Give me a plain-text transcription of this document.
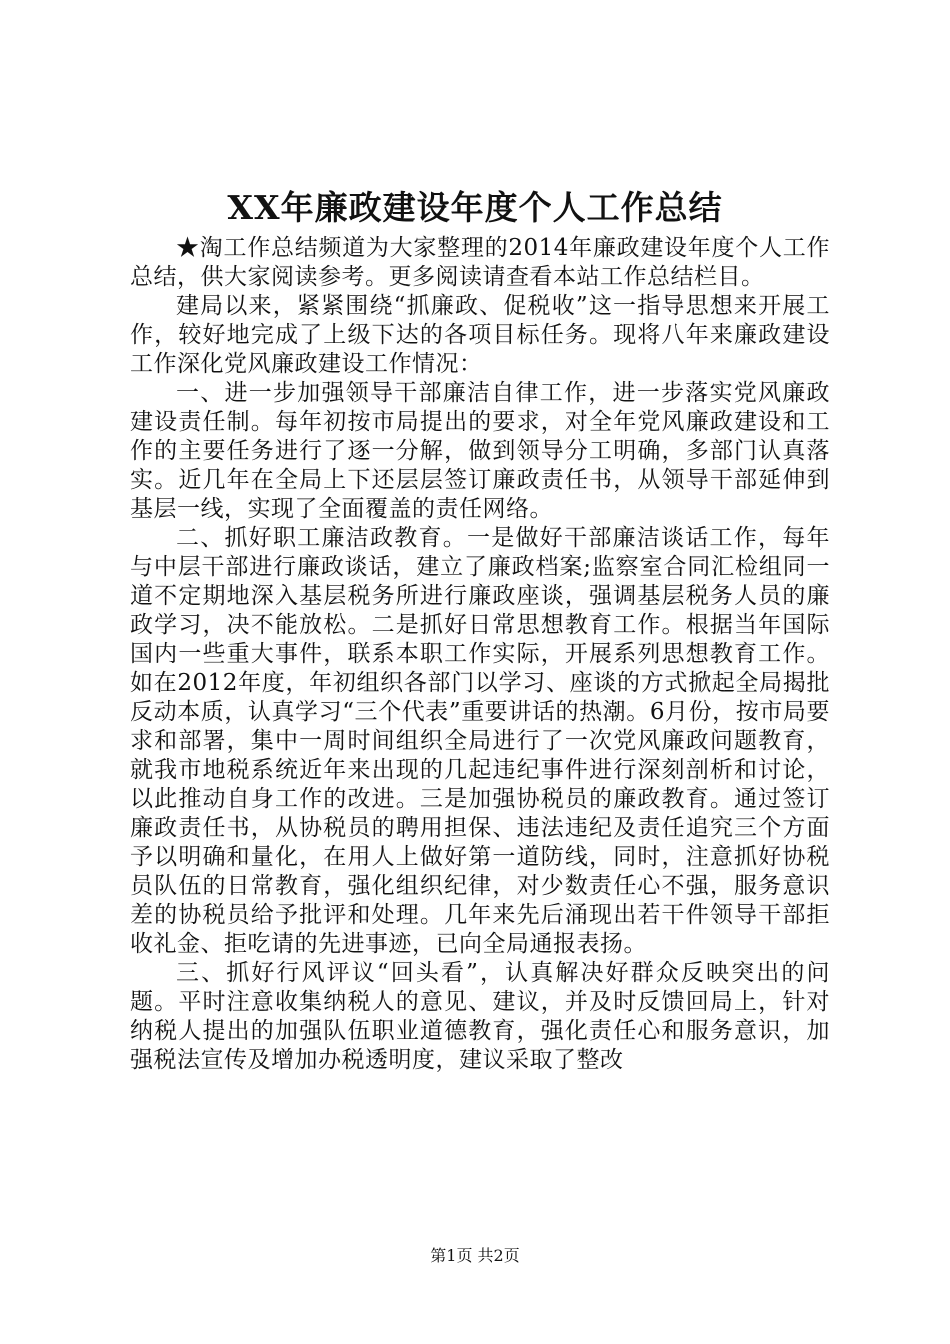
XX年廉政建设年度个人工作总结

★淘工作总结频道为大家整理的2014年廉政建设年度个人工作总结，供大家阅读参考。更多阅读请查看本站工作总结栏目。

建局以来，紧紧围绕“抓廉政、促税收”这一指导思想来开展工作，较好地完成了上级下达的各项目标任务。现将八年来廉政建设工作深化党风廉政建设工作情况：

一、进一步加强领导干部廉洁自律工作，进一步落实党风廉政建设责任制。每年初按市局提出的要求，对全年党风廉政建设和工作的主要任务进行了逐一分解，做到领导分工明确，多部门认真落实。近几年在全局上下还层层签订廉政责任书，从领导干部延伸到基层一线，实现了全面覆盖的责任网络。

二、抓好职工廉洁政教育。一是做好干部廉洁谈话工作，每年与中层干部进行廉政谈话，建立了廉政档案;监察室合同汇检组同一道不定期地深入基层税务所进行廉政座谈，强调基层税务人员的廉政学习，决不能放松。二是抓好日常思想教育工作。根据当年国际国内一些重大事件，联系本职工作实际，开展系列思想教育工作。如在2012年度，年初组织各部门以学习、座谈的方式掀起全局揭批反动本质，认真学习“三个代表”重要讲话的热潮。6月份，按市局要求和部署，集中一周时间组织全局进行了一次党风廉政问题教育，就我市地税系统近年来出现的几起违纪事件进行深刻剖析和讨论，以此推动自身工作的改进。三是加强协税员的廉政教育。通过签订廉政责任书，从协税员的聘用担保、违法违纪及责任追究三个方面予以明确和量化，在用人上做好第一道防线，同时，注意抓好协税员队伍的日常教育，强化组织纪律，对少数责任心不强，服务意识差的协税员给予批评和处理。几年来先后涌现出若干件领导干部拒收礼金、拒吃请的先进事迹，已向全局通报表扬。

三、抓好行风评议“回头看”，认真解决好群众反映突出的问题。平时注意收集纳税人的意见、建议，并及时反馈回局上，针对纳税人提出的加强队伍职业道德教育，强化责任心和服务意识，加强税法宣传及增加办税透明度，建议采取了整改

第1页 共2页
